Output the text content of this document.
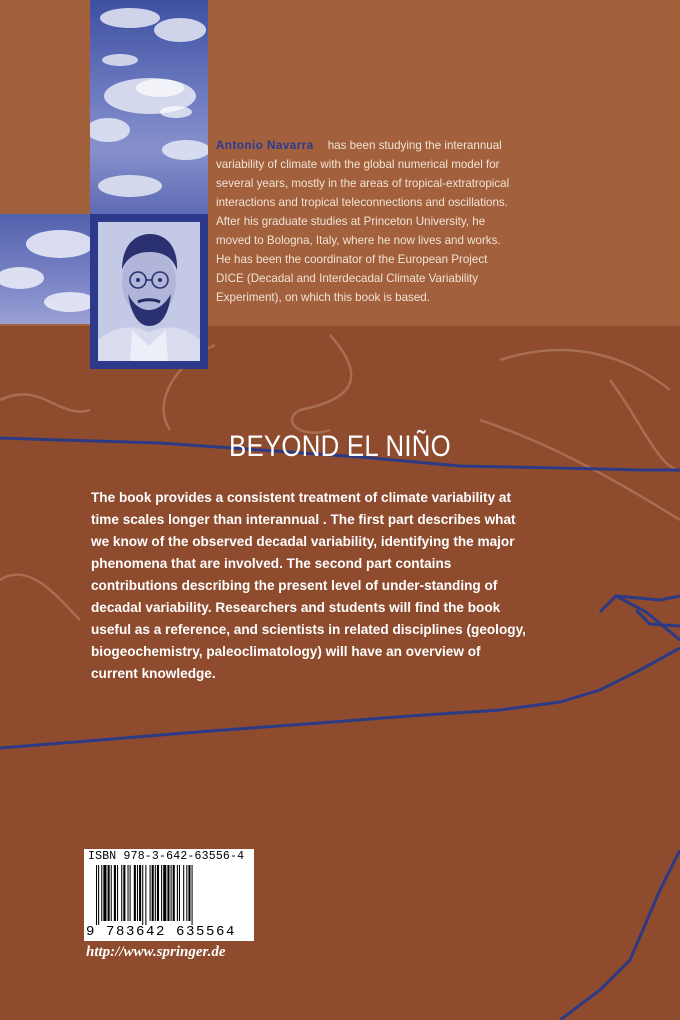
Antonio Navarra has been studying the interannual variability of climate with the global numerical model for several years, mostly in the areas of tropical-extratropical interactions and tropical teleconnections and oscillations. After his graduate studies at Princeton University, he moved to Bologna, Italy, where he now lives and works. He has been the coordinator of the European Project DICE (Decadal and Interdecadal Climate Variability Experiment), on which this book is based.
BEYOND EL NIÑO

The book provides a consistent treatment of climate variability at time scales longer than interannual . The first part describes what we know of the observed decadal variability, identifying the major phenomena that are involved. The second part contains contributions describing the present level of under-standing of decadal variability. Researchers and students will find the book useful as a reference, and scientists in related disciplines (geology, biogeochemistry, paleoclimatology) will have an overview of current knowledge.

ISBN 978-3-642-63556-4
9 783642 635564
http://www.springer.de
